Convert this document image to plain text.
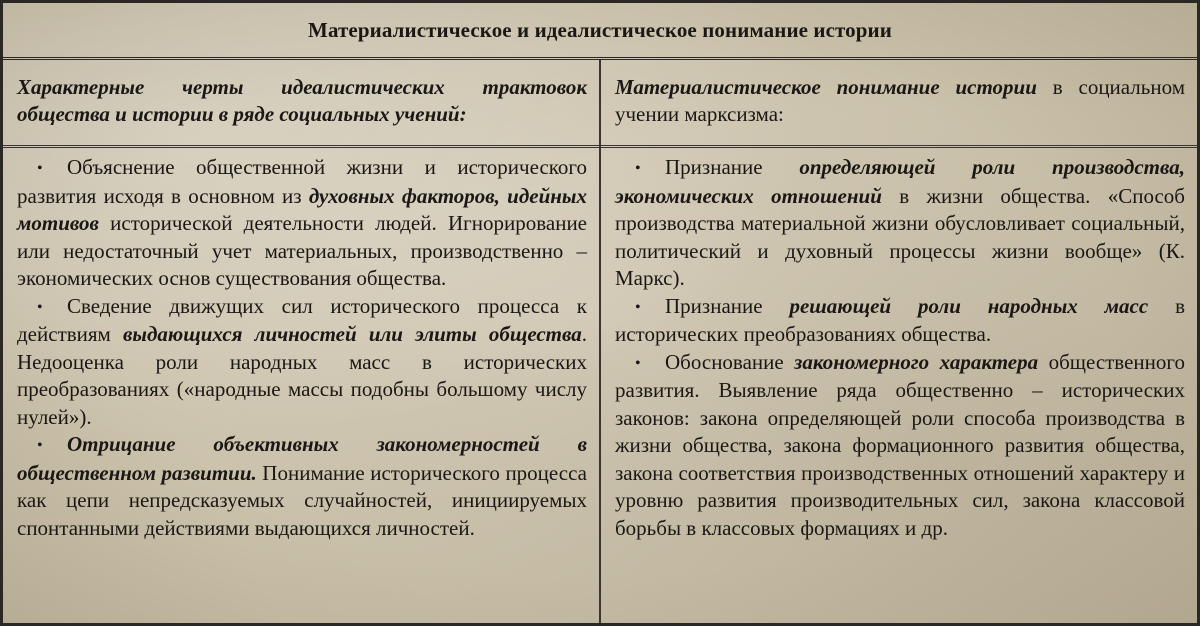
Материалистическое и идеалистическое понимание истории
Характерные черты идеалистических трактовок общества и истории в ряде социальных учений:

• Объяснение общественной жизни и исторического развития исходя в основном из духовных факторов, идейных мотивов исторической деятельности людей. Игнорирование или недостаточный учет материальных, производственно – экономических основ существования общества.

• Сведение движущих сил исторического процесса к действиям выдающихся личностей или элиты общества. Недооценка роли народных масс в исторических преобразованиях («народные массы подобны большому числу нулей»).

• Отрицание объективных закономерностей в общественном развитии. Понимание исторического процесса как цепи непредсказуемых случайностей, инициируемых спонтанными действиями выдающихся личностей.

Материалистическое понимание истории в социальном учении марксизма:

• Признание определяющей роли производства, экономических отношений в жизни общества. «Способ производства материальной жизни обусловливает социальный, политический и духовный процессы жизни вообще» (К. Маркс).

• Признание решающей роли народных масс в исторических преобразованиях общества.

• Обоснование закономерного характера общественного развития. Выявление ряда общественно – исторических законов: закона определяющей роли способа производства в жизни общества, закона формационного развития общества, закона соответствия производственных отношений характеру и уровню развития производительных сил, закона классовой борьбы в классовых формациях и др.
